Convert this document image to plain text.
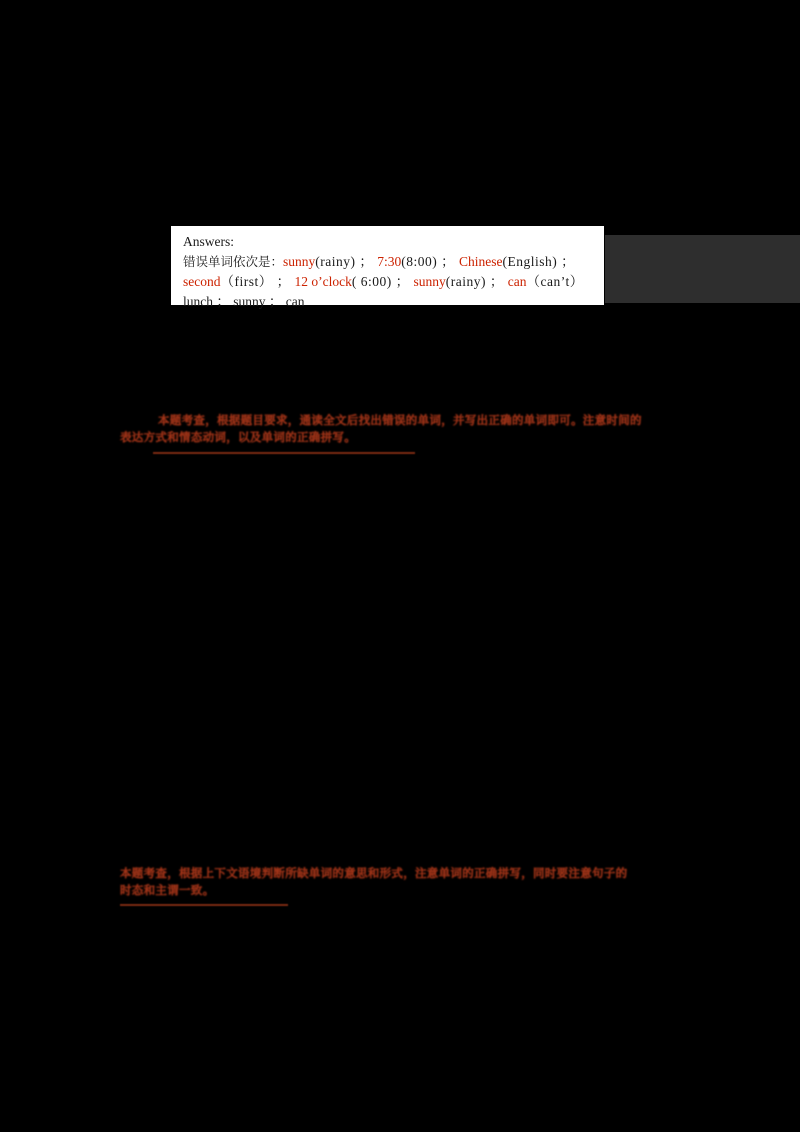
Answers:
错误单词依次是：sunny(rainy) ； 7:30(8:00) ； Chinese(English) ；
second（first） ； 12 o’clock( 6:00) ； sunny(rainy) ； can（can’t）
lunch ； sunny ； can
本题考查，根据题目要求，通读全文后找出错误的单词，并写出正确的单词即可。注意时间的
表达方式和情态动词，以及单词的正确拼写。
本题考查，根据上下文语境判断所缺单词的意思和形式，注意单词的正确拼写，同时要注意句子的
时态和主谓一致。
